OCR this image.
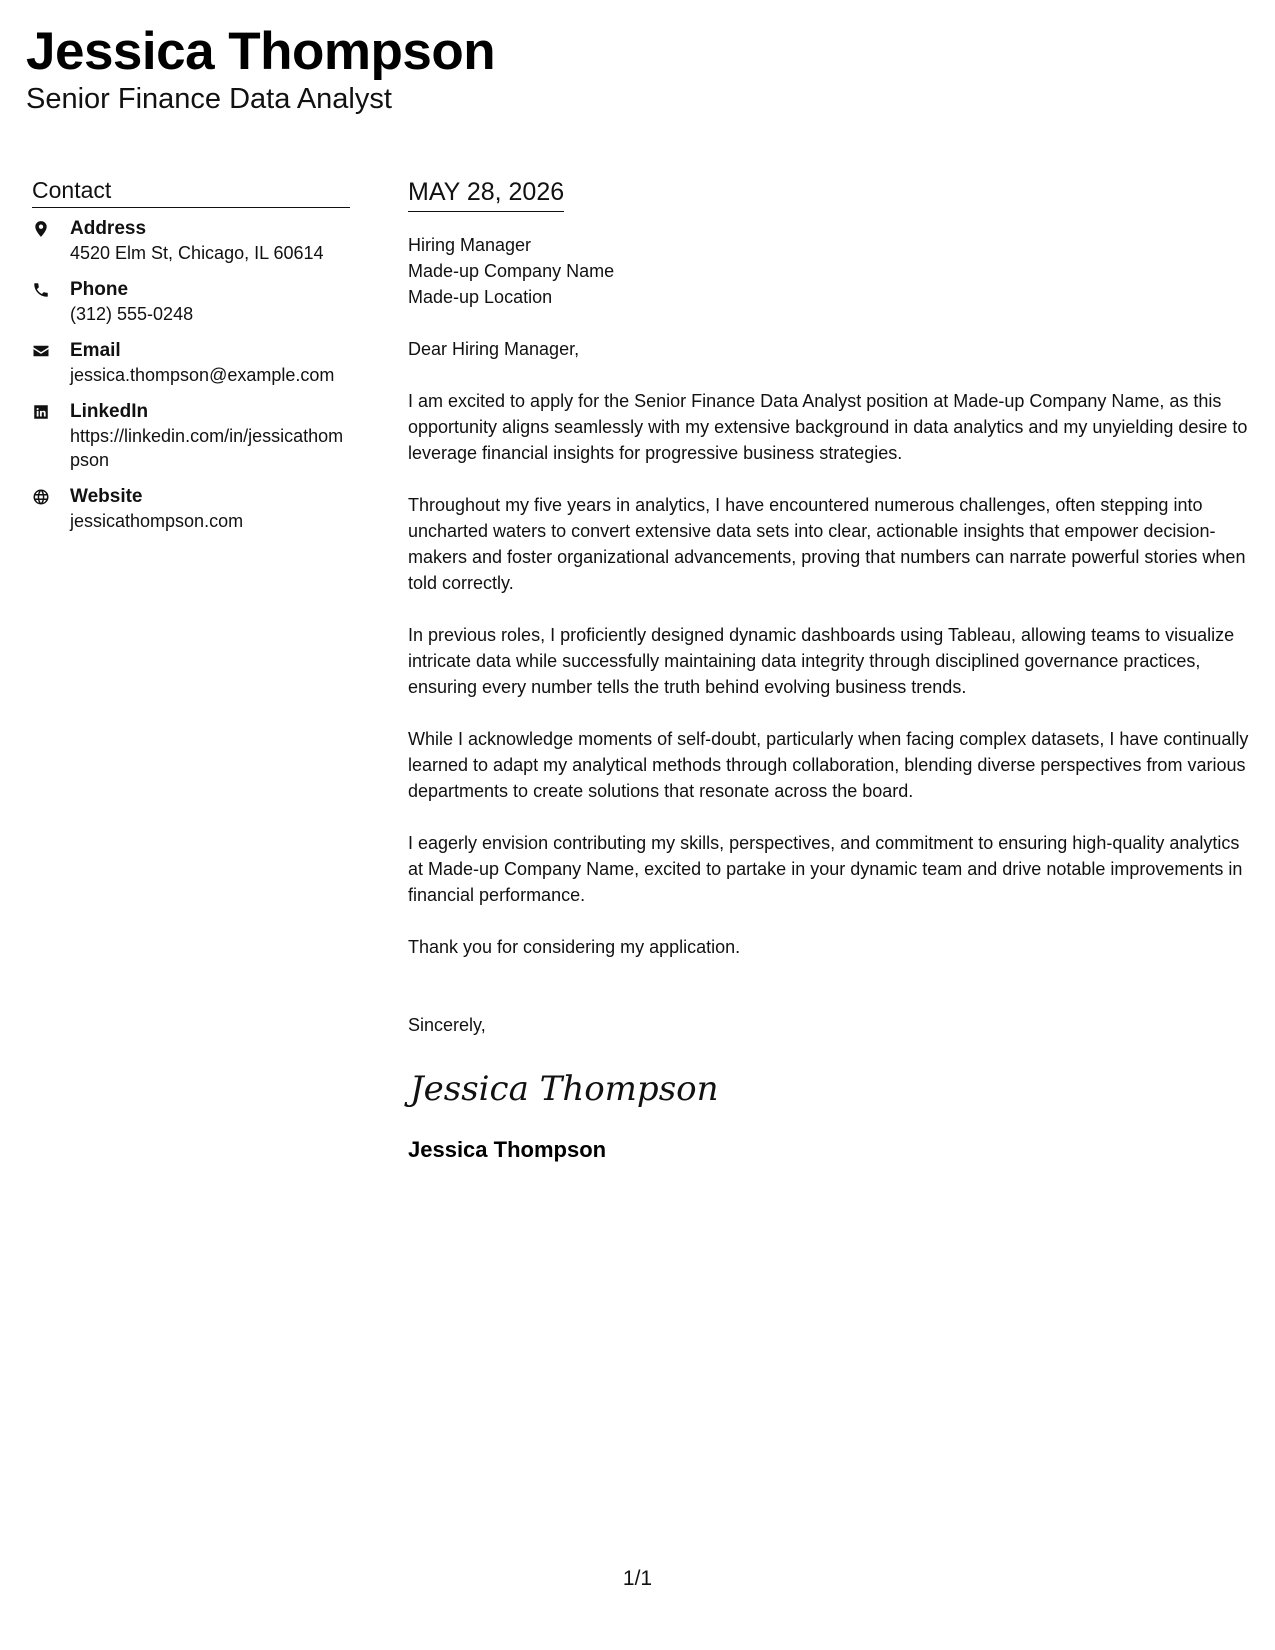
Jessica Thompson
Senior Finance Data Analyst
Contact
Address
4520 Elm St, Chicago, IL 60614
Phone
(312) 555-0248
Email
jessica.thompson@example.com
LinkedIn
https://linkedin.com/in/jessicathompson
Website
jessicathompson.com
MAY 28, 2026
Hiring Manager
Made-up Company Name
Made-up Location

Dear Hiring Manager,

I am excited to apply for the Senior Finance Data Analyst position at Made-up Company Name, as this opportunity aligns seamlessly with my extensive background in data analytics and my unyielding desire to leverage financial insights for progressive business strategies.

Throughout my five years in analytics, I have encountered numerous challenges, often stepping into uncharted waters to convert extensive data sets into clear, actionable insights that empower decision-makers and foster organizational advancements, proving that numbers can narrate powerful stories when told correctly.

In previous roles, I proficiently designed dynamic dashboards using Tableau, allowing teams to visualize intricate data while successfully maintaining data integrity through disciplined governance practices, ensuring every number tells the truth behind evolving business trends.

While I acknowledge moments of self-doubt, particularly when facing complex datasets, I have continually learned to adapt my analytical methods through collaboration, blending diverse perspectives from various departments to create solutions that resonate across the board.

I eagerly envision contributing my skills, perspectives, and commitment to ensuring high-quality analytics at Made-up Company Name, excited to partake in your dynamic team and drive notable improvements in financial performance.

Thank you for considering my application.

Sincerely,
Jessica Thompson
Jessica Thompson
1/1
